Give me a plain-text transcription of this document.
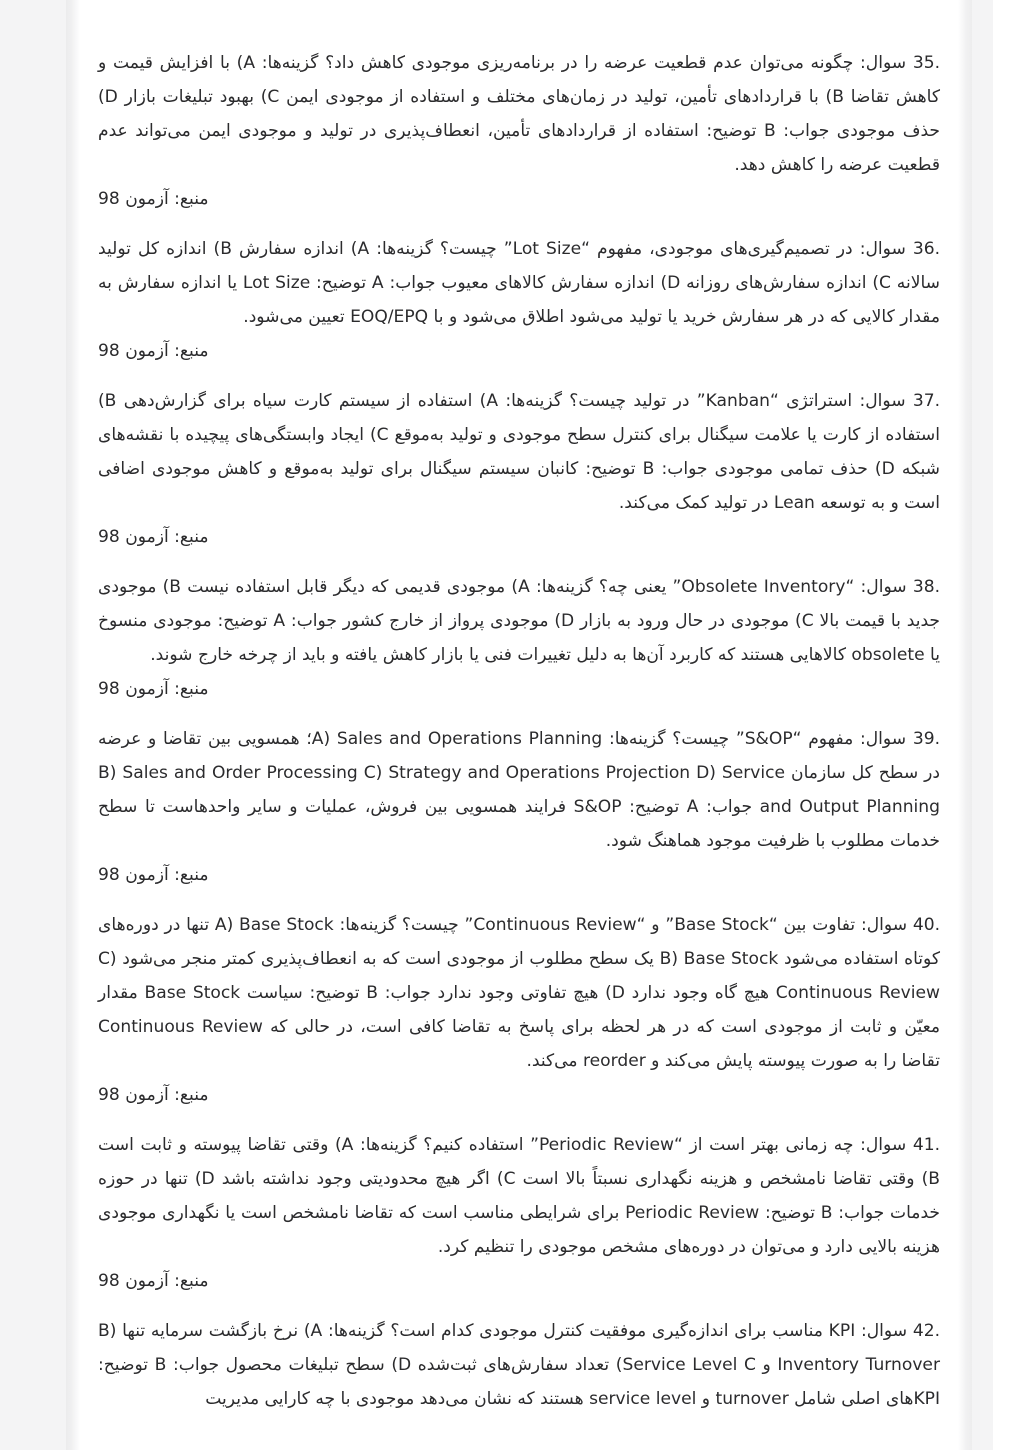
35. سوال: چگونه می‌توان عدم قطعیت عرضه را در برنامه‌ریزی موجودی کاهش داد؟ گزینه‌ها: A) با افزایش قیمت و کاهش تقاضا B) با قراردادهای تأمین، تولید در زمان‌های مختلف و استفاده از موجودی ایمن C) بهبود تبلیغات بازار D) حذف موجودی جواب: B توضیح: استفاده از قراردادهای تأمین، انعطاف‌پذیری در تولید و موجودی ایمن می‌تواند عدم قطعیت عرضه را کاهش دهد.
منبع: آزمون 98
36. سوال: در تصمیم‌گیری‌های موجودی، مفهوم “Lot Size” چیست؟ گزینه‌ها: A) اندازه سفارش B) اندازه کل تولید سالانه C) اندازه سفارش‌های روزانه D) اندازه سفارش کالاهای معیوب جواب: A توضیح: Lot Size یا اندازه سفارش به مقدار کالایی که در هر سفارش خرید یا تولید می‌شود اطلاق می‌شود و با EOQ/EPQ تعیین می‌شود.
منبع: آزمون 98
37. سوال: استراتژی “Kanban” در تولید چیست؟ گزینه‌ها: A) استفاده از سیستم کارت سیاه برای گزارش‌دهی B) استفاده از کارت یا علامت سیگنال برای کنترل سطح موجودی و تولید به‌موقع C) ایجاد وابستگی‌های پیچیده با نقشه‌های شبکه D) حذف تمامی موجودی جواب: B توضیح: کانبان سیستم سیگنال برای تولید به‌موقع و کاهش موجودی اضافی است و به توسعه Lean در تولید کمک می‌کند.
منبع: آزمون 98
38. سوال: “Obsolete Inventory” یعنی چه؟ گزینه‌ها: A) موجودی قدیمی که دیگر قابل استفاده نیست B) موجودی جدید با قیمت بالا C) موجودی در حال ورود به بازار D) موجودی پرواز از خارج کشور جواب: A توضیح: موجودی منسوخ یا obsolete کالاهایی هستند که کاربرد آن‌ها به دلیل تغییرات فنی یا بازار کاهش یافته و باید از چرخه خارج شوند.
منبع: آزمون 98
39. سوال: مفهوم “S&OP” چیست؟ گزینه‌ها: A) Sales and Operations Planning؛ همسویی بین تقاضا و عرضه در سطح کل سازمان B) Sales and Order Processing C) Strategy and Operations Projection D) Service and Output Planning جواب: A توضیح: S&OP فرایند همسویی بین فروش، عملیات و سایر واحدهاست تا سطح خدمات مطلوب با ظرفیت موجود هماهنگ شود.
منبع: آزمون 98
40. سوال: تفاوت بین “Base Stock” و “Continuous Review” چیست؟ گزینه‌ها: A) Base Stock تنها در دوره‌های کوتاه استفاده می‌شود B) Base Stock یک سطح مطلوب از موجودی است که به انعطاف‌پذیری کمتر منجر می‌شود C) Continuous Review هیچ گاه وجود ندارد D) هیچ تفاوتی وجود ندارد جواب: B توضیح: سیاست Base Stock مقدار معیّن و ثابت از موجودی است که در هر لحظه برای پاسخ به تقاضا کافی است، در حالی که Continuous Review تقاضا را به صورت پیوسته پایش می‌کند و reorder می‌کند.
منبع: آزمون 98
41. سوال: چه زمانی بهتر است از “Periodic Review” استفاده کنیم؟ گزینه‌ها: A) وقتی تقاضا پیوسته و ثابت است B) وقتی تقاضا نامشخص و هزینه نگهداری نسبتاً بالا است C) اگر هیچ محدودیتی وجود نداشته باشد D) تنها در حوزه خدمات جواب: B توضیح: Periodic Review برای شرایطی مناسب است که تقاضا نامشخص است یا نگهداری موجودی هزینه بالایی دارد و می‌توان در دوره‌های مشخص موجودی را تنظیم کرد.
منبع: آزمون 98
42. سوال: KPI مناسب برای اندازه‌گیری موفقیت کنترل موجودی کدام است؟ گزینه‌ها: A) نرخ بازگشت سرمایه تنها B) Inventory Turnover و Service Level C) تعداد سفارش‌های ثبت‌شده D) سطح تبلیغات محصول جواب: B توضیح: KPIهای اصلی شامل turnover و service level هستند که نشان می‌دهد موجودی با چه کارایی مدیریت
